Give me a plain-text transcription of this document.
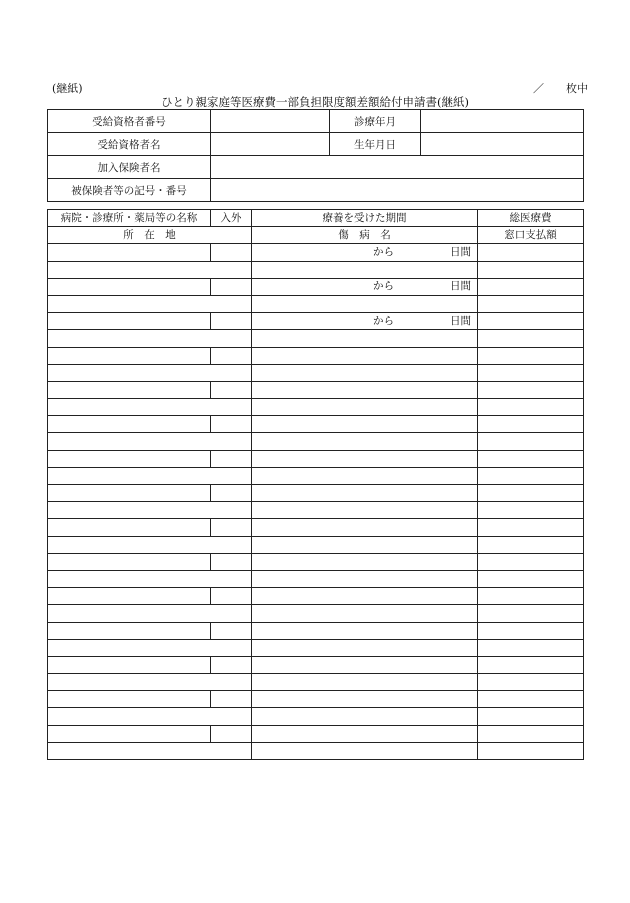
(継紙)	／ 枚中
ひとり親家庭等医療費一部負担限度額差額給付申請書(継紙)
受給資格者番号		診療年月	
受給資格者名		生年月日	
加入保険者名			
被保険者等の記号・番号			
病院・診療所・薬局等の名称	入外	療養を受けた期間	総医療費
所　在　地		傷　病　名	窓口支払額
		から 日間	

		から 日間	

		から 日間	
